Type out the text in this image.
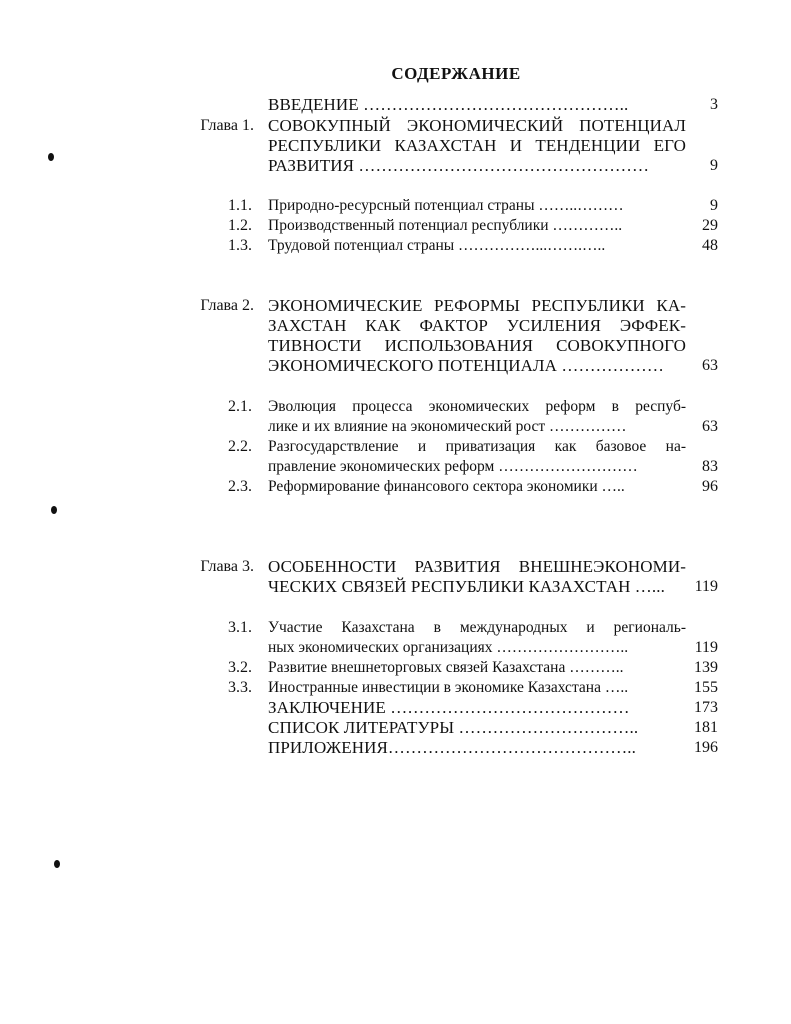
СОДЕРЖАНИЕ
ВВЕДЕНИЕ ………………………………………..	3
Глава 1. СОВОКУПНЫЙ ЭКОНОМИЧЕСКИЙ ПОТЕНЦИАЛ
РЕСПУБЛИКИ КАЗАХСТАН И ТЕНДЕНЦИИ ЕГО
РАЗВИТИЯ ……………………………………………	9
1.1. Природно-ресурсный потенциал страны ……..………	9
1.2. Производственный потенциал республики …………..	29
1.3. Трудовой потенциал страны ……………...…….…..	48
Глава 2. ЭКОНОМИЧЕСКИЕ РЕФОРМЫ РЕСПУБЛИКИ КА-
ЗАХСТАН КАК ФАКТОР УСИЛЕНИЯ ЭФФЕК-
ТИВНОСТИ ИСПОЛЬЗОВАНИЯ СОВОКУПНОГО
ЭКОНОМИЧЕСКОГО ПОТЕНЦИАЛА ………………	63
2.1. Эволюция процесса экономических реформ в респуб-
лике и их влияние на экономический рост ……………	63
2.2. Разгосударствление и приватизация как базовое на-
правление экономических реформ ………………………	83
2.3. Реформирование финансового сектора экономики …..	96
Глава 3. ОСОБЕННОСТИ РАЗВИТИЯ ВНЕШНЕЭКОНОМИ-
ЧЕСКИХ СВЯЗЕЙ РЕСПУБЛИКИ КАЗАХСТАН …...	119
3.1. Участие Казахстана в международных и региональ-
ных экономических организациях ……………………..	119
3.2. Развитие внешнеторговых связей Казахстана ………..	139
3.3. Иностранные инвестиции в экономике Казахстана …..	155
ЗАКЛЮЧЕНИЕ ……………………………………	173
СПИСОК ЛИТЕРАТУРЫ …………………………..	181
ПРИЛОЖЕНИЯ……………………………………..	196
